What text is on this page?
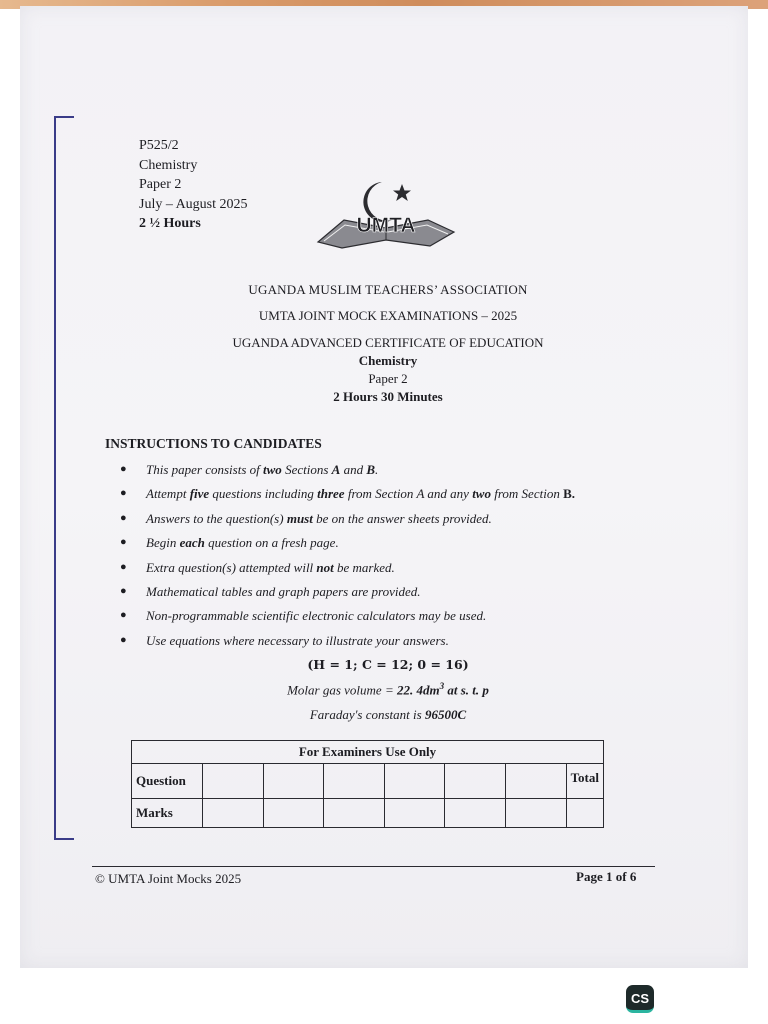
P525/2
Chemistry
Paper 2
July – August 2025
2 ½ Hours	UMTA
UGANDA MUSLIM TEACHERS’ ASSOCIATION
UMTA JOINT MOCK EXAMINATIONS – 2025
UGANDA ADVANCED CERTIFICATE OF EDUCATION
Chemistry
Paper 2
2 Hours 30 Minutes
INSTRUCTIONS TO CANDIDATES
● This paper consists of two Sections A and B.
● Attempt five questions including three from Section A and any two from Section B.
● Answers to the question(s) must be on the answer sheets provided.
● Begin each question on a fresh page.
● Extra question(s) attempted will not be marked.
● Mathematical tables and graph papers are provided.
● Non-programmable scientific electronic calculators may be used.
● Use equations where necessary to illustrate your answers.
(H = 1; C = 12; 0 = 16)
Molar gas volume = 22. $4dm^3$ at s. t. p
Faraday's constant is 96500C
For Examiners Use Only							
Question							Total
Marks							
© UMTA Joint Mocks 2025	Page 1 of 6
CS
